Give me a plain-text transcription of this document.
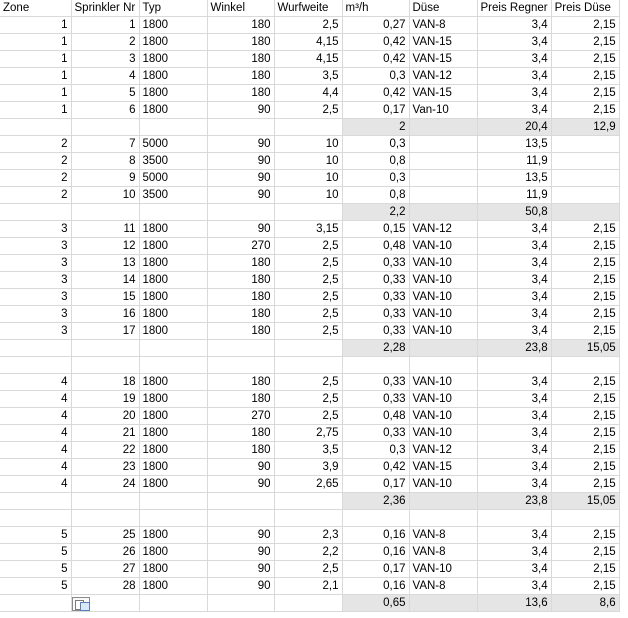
Zone	Sprinkler Nr	Typ	Winkel	Wurfweite	m³/h	Düse	Preis Regner	Preis Düse
1	1	1800	180	2,5	0,27	VAN-8	3,4	2,15
1	2	1800	180	4,15	0,42	VAN-15	3,4	2,15
1	3	1800	180	4,15	0,42	VAN-15	3,4	2,15
1	4	1800	180	3,5	0,3	VAN-12	3,4	2,15
1	5	1800	180	4,4	0,42	VAN-15	3,4	2,15
1	6	1800	90	2,5	0,17	Van-10	3,4	2,15
					2		20,4	12,9
2	7	5000	90	10	0,3		13,5	
2	8	3500	90	10	0,8		11,9	
2	9	5000	90	10	0,3		13,5	
2	10	3500	90	10	0,8		11,9	
					2,2		50,8	
3	11	1800	90	3,15	0,15	VAN-12	3,4	2,15
3	12	1800	270	2,5	0,48	VAN-10	3,4	2,15
3	13	1800	180	2,5	0,33	VAN-10	3,4	2,15
3	14	1800	180	2,5	0,33	VAN-10	3,4	2,15
3	15	1800	180	2,5	0,33	VAN-10	3,4	2,15
3	16	1800	180	2,5	0,33	VAN-10	3,4	2,15
3	17	1800	180	2,5	0,33	VAN-10	3,4	2,15
					2,28		23,8	15,05

4	18	1800	180	2,5	0,33	VAN-10	3,4	2,15
4	19	1800	180	2,5	0,33	VAN-10	3,4	2,15
4	20	1800	270	2,5	0,48	VAN-10	3,4	2,15
4	21	1800	180	2,75	0,33	VAN-10	3,4	2,15
4	22	1800	180	3,5	0,3	VAN-12	3,4	2,15
4	23	1800	90	3,9	0,42	VAN-15	3,4	2,15
4	24	1800	90	2,65	0,17	VAN-10	3,4	2,15
					2,36		23,8	15,05

5	25	1800	90	2,3	0,16	VAN-8	3,4	2,15
5	26	1800	90	2,2	0,16	VAN-8	3,4	2,15
5	27	1800	90	2,5	0,17	VAN-10	3,4	2,15
5	28	1800	90	2,1	0,16	VAN-8	3,4	2,15
					0,65		13,6	8,6
